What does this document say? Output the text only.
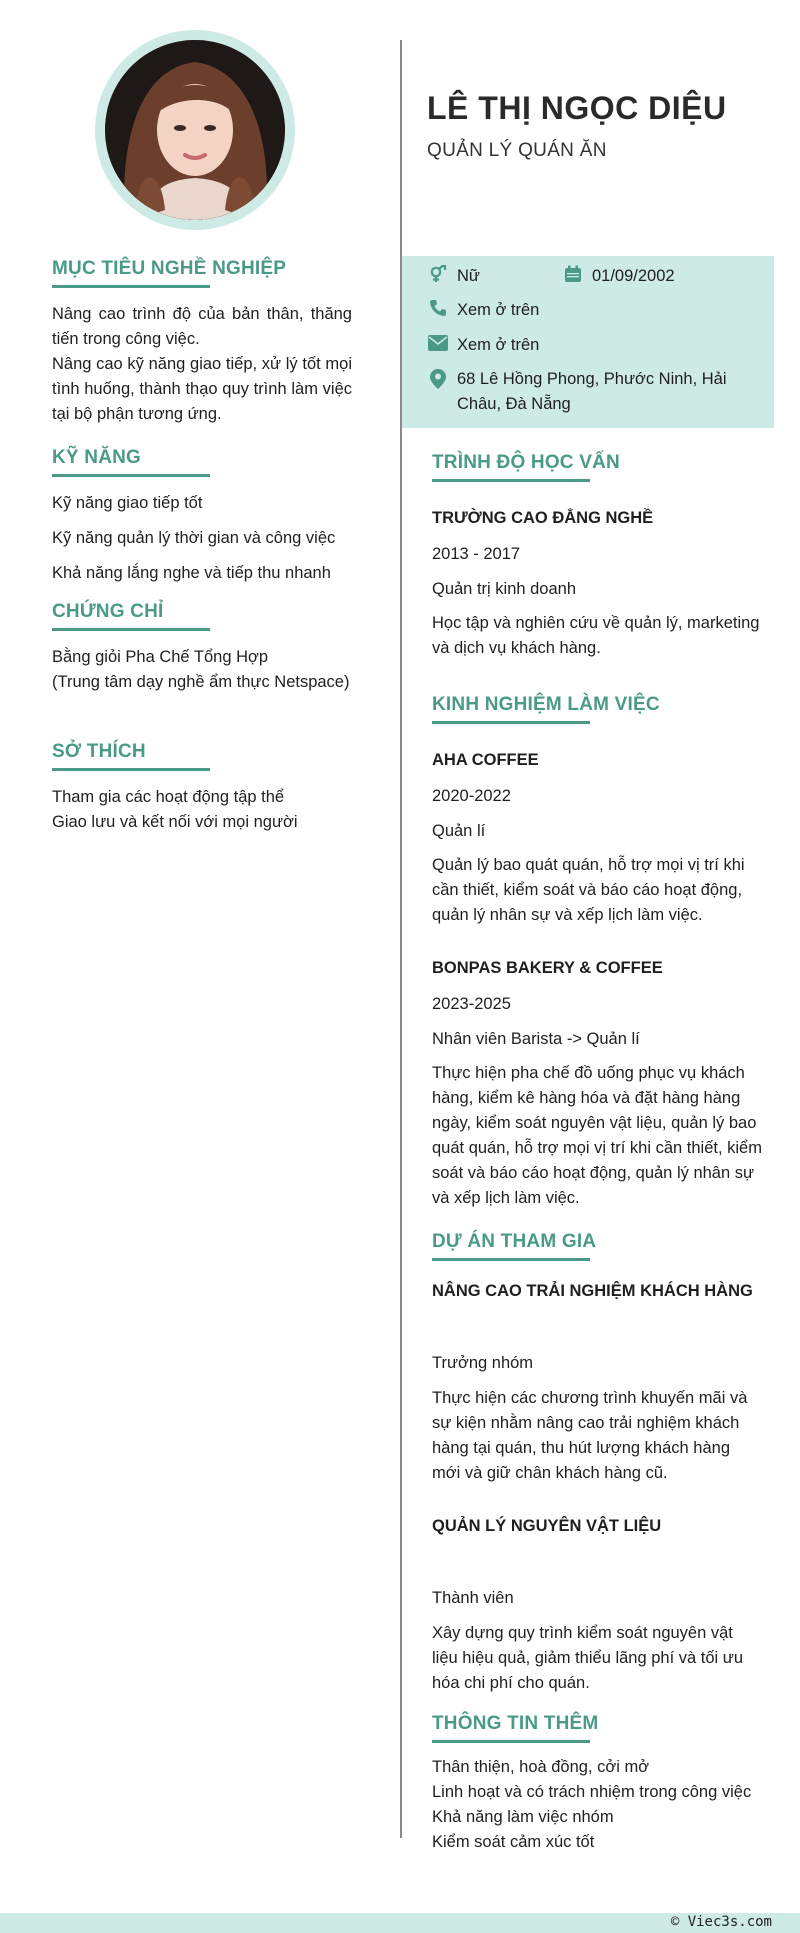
LÊ THỊ NGỌC DIỆU
QUẢN LÝ QUÁN ĂN
Nữ	01/09/2002
Xem ở trên
Xem ở trên
68 Lê Hồng Phong, Phước Ninh, Hải
Châu, Đà Nẵng
MỤC TIÊU NGHỀ NGHIỆP
Nâng cao trình độ của bản thân, thăng tiến trong công việc.
Nâng cao kỹ năng giao tiếp, xử lý tốt mọi tình huống, thành thạo quy trình làm việc tại bộ phận tương ứng.
KỸ NĂNG
Kỹ năng giao tiếp tốt
Kỹ năng quản lý thời gian và công việc
Khả năng lắng nghe và tiếp thu nhanh
CHỨNG CHỈ
Bằng giỏi Pha Chế Tổng Hợp
(Trung tâm dạy nghề ẩm thực Netspace)
SỞ THÍCH
Tham gia các hoạt động tập thể
Giao lưu và kết nối với mọi người
TRÌNH ĐỘ HỌC VẤN
TRƯỜNG CAO ĐẲNG NGHỀ
2013 - 2017
Quản trị kinh doanh
Học tập và nghiên cứu về quản lý, marketing và dịch vụ khách hàng.
KINH NGHIỆM LÀM VIỆC
AHA COFFEE
2020-2022
Quản lí
Quản lý bao quát quán, hỗ trợ mọi vị trí khi cần thiết, kiểm soát và báo cáo hoạt động, quản lý nhân sự và xếp lịch làm việc.
BONPAS BAKERY & COFFEE
2023-2025
Nhân viên Barista -> Quản lí
Thực hiện pha chế đồ uống phục vụ khách hàng, kiểm kê hàng hóa và đặt hàng hàng ngày, kiểm soát nguyên vật liệu, quản lý bao quát quán, hỗ trợ mọi vị trí khi cần thiết, kiểm soát và báo cáo hoạt động, quản lý nhân sự và xếp lịch làm việc.
DỰ ÁN THAM GIA
NÂNG CAO TRẢI NGHIỆM KHÁCH HÀNG
Trưởng nhóm
Thực hiện các chương trình khuyến mãi và sự kiện nhằm nâng cao trải nghiệm khách hàng tại quán, thu hút lượng khách hàng mới và giữ chân khách hàng cũ.
QUẢN LÝ NGUYÊN VẬT LIỆU
Thành viên
Xây dựng quy trình kiểm soát nguyên vật liệu hiệu quả, giảm thiểu lãng phí và tối ưu hóa chi phí cho quán.
THÔNG TIN THÊM
Thân thiện, hoà đồng, cởi mở
Linh hoạt và có trách nhiệm trong công việc
Khả năng làm việc nhóm
Kiểm soát cảm xúc tốt
© Viec3s.com
